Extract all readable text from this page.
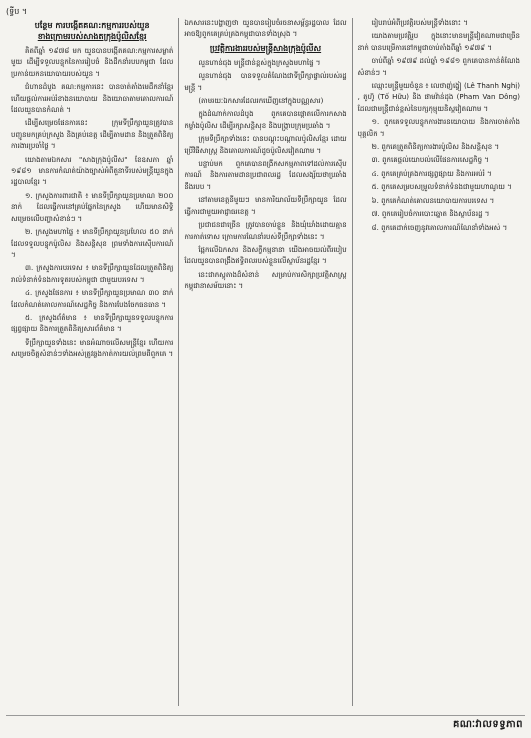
(ទ្វីប ។
បន្ថែម ការបង្កើតគណ:កម្មការរបស់យួន
ខាងក្រោមរបស់សាងតក្រុងប៉ូលិសខ្មែរ

គិតពីឆ្នាំ ១៩៧៨ មក យួនបានបង្កើតគណ:កម្មការសម្ងាត់មួយ ដើម្បីទទួលបន្ទុកនៃការរៀបចំ និងដឹកនាំរបបកម្ពុជា ដែលប្រកាន់យកនយោបាយរបស់យួន ។

ជំហានដំបូង គណ:កម្មការនេះ បានចាត់តាំងមេដឹកនាំខ្មែរ ហើយផ្ដល់ការអប់រំខាងនយោបាយ និងយោធាតាមគោលការណ៍ដែលយួនបានកំណត់ ។

ដើម្បីសម្រេចផែនការនេះ ក្រុមទីប្រឹក្សាយួនត្រូវបានបញ្ជូនមកគ្រប់ក្រសួង និងគ្រប់ខេត្ត ដើម្បីតាមដាន និងត្រួតពិនិត្យការងារប្រចាំថ្ងៃ ។

យោងតាមឯកសារ "សាងក្រុងប៉ូលីស" ខែឧសភា ឆ្នាំ ១៩៨១ មានការកំណត់យ៉ាងច្បាស់អំពីតួនាទីរបស់មន្ត្រីយួនក្នុងរដ្ឋបាលខ្មែរ ។

១. ក្រសួងការពារជាតិ ៖ មានទីប្រឹក្សាយួនប្រមាណ ២០០ នាក់ ដែលធ្វើការនៅគ្រប់ផ្នែកនៃក្រសួង ហើយមានសិទ្ធិសម្រេចលើបញ្ហាសំខាន់ៗ ។

២. ក្រសួងមហាផ្ទៃ ៖ មានទីប្រឹក្សាយួនប្រហែល ៥០ នាក់ ដែលទទួលបន្ទុកប៉ូលិស និងសន្តិសុខ ព្រមទាំងការស៊ើបការណ៍ ។

៣. ក្រសួងការបរទេស ៖ មានទីប្រឹក្សាយួនដែលត្រួតពិនិត្យរាល់ទំនាក់ទំនងការទូតរបស់កម្ពុជា ជាមួយបរទេស ។

៤. ក្រសួងផែនការ ៖ មានទីប្រឹក្សាយួនប្រមាណ ៣០ នាក់ ដែលកំណត់គោលការណ៍សេដ្ឋកិច្ច និងការបែងចែកធនធាន ។

៥. ក្រសួងព័ត៌មាន ៖ មានទីប្រឹក្សាយួនទទួលបន្ទុកការផ្សព្វផ្សាយ និងការត្រួតពិនិត្យសារព័ត៌មាន ។

ទីប្រឹក្សាយួនទាំងនេះ មានអំណាចលើសមន្ត្រីខ្មែរ ហើយការសម្រេចចិត្តសំខាន់ៗទាំងអស់ត្រូវឆ្លងកាត់ការយល់ព្រមពីពួកគេ ។

ឯកសារនេះបង្ហាញថា យួនបានរៀបចំរចនាសម្ព័ន្ធរដ្ឋបាល ដែលអាចឱ្យពួកគេគ្រប់គ្រងកម្ពុជាបានទាំងស្រុង ។

ប្រវត្តិការងាររបស់មន្ត្រីសាងក្រុងប៉ូលីស

លួនហាន់ជុង មន្ត្រីជាន់ខ្ពស់ក្នុងក្រសួងមហាផ្ទៃ ។

លួនហាន់ជុង បានទទួលតំណែងជាទីប្រឹក្សាផ្ទាល់របស់រដ្ឋមន្ត្រី ។

(តាមរយៈឯកសារដែលរកឃើញនៅក្នុងបណ្ណសារ)

ក្នុងដំណាក់កាលដំបូង ពួកគេបានផ្ដោតលើការកសាងកម្លាំងប៉ូលិស ដើម្បីរក្សាសន្តិសុខ និងបង្ក្រាបក្រុមប្រឆាំង ។

ក្រុមទីប្រឹក្សាទាំងនេះ បានបណ្ដុះបណ្ដាលប៉ូលិសខ្មែរ ដោយប្រើវិធីសាស្ត្រ និងគោលការណ៍ដូចប៉ូលិសវៀតណាម ។

បន្ទាប់មក ពួកគេបានពង្រីកសកម្មភាពទៅដល់ការស៊ើបការណ៍ និងការតាមដានប្រជាពលរដ្ឋ ដែលសង្ស័យថាប្រឆាំងនឹងរបប ។

នៅតាមខេត្តនីមួយៗ មានការិយាល័យទីប្រឹក្សាយួន ដែលធ្វើការជាមួយអាជ្ញាធរខេត្ត ។

ប្រជាជនជាច្រើន ត្រូវបានចាប់ខ្លួន និងឃុំឃាំងដោយគ្មានការកាត់ទោស ក្រោមការណែនាំរបស់ទីប្រឹក្សាទាំងនេះ ។

ផ្អែកលើឯកសារ និងសក្ខីកម្មនានា យើងអាចយល់ពីរបៀបដែលយួនបានពង្រឹងឥទ្ធិពលរបស់ខ្លួនលើស្ថាប័នរដ្ឋខ្មែរ ។

នេះជាភស្តុតាងដ៏សំខាន់ សម្រាប់ការសិក្សាប្រវត្តិសាស្ត្រកម្ពុជានាសម័យនោះ ។

រៀបរាប់អំពីប្រវត្តិរបស់មន្ត្រីទាំងនោះ ។

យោងតាមប្រវត្តិរូប ក្នុងនោះមានមន្ត្រីវៀតណាមជាច្រើននាក់ បានបម្រើការនៅកម្ពុជាចាប់តាំងពីឆ្នាំ ១៩៧៩ ។

ចាប់ពីឆ្នាំ ១៩៧៩ ដល់ឆ្នាំ ១៩៨១ ពួកគេបានកាន់តំណែងសំខាន់ៗ ។

ឈ្មោះមន្ត្រីមួយចំនួន ៖ លេថាញ់ង្វៀ (Lê Thanh Nghị) , តូហ៊ូ (Tố Hữu) និង ផាមវ៉ាន់ដុង (Pham Van Dông) ដែលជាមន្ត្រីជាន់ខ្ពស់នៃបក្សកុម្មុយនិស្តវៀតណាម ។

១. ពួកគេទទួលបន្ទុកការងារនយោបាយ និងការចាត់តាំងបុគ្គលិក ។

២. ពួកគេត្រួតពិនិត្យការងារប៉ូលិស និងសន្តិសុខ ។

៣. ពួកគេផ្ដល់យោបល់លើផែនការសេដ្ឋកិច្ច ។

៤. ពួកគេគ្រប់គ្រងការផ្សព្វផ្សាយ និងការអប់រំ ។

៥. ពួកគេសម្របសម្រួលទំនាក់ទំនងជាមួយហាណូយ ។

៦. ពួកគេកំណត់គោលនយោបាយការបរទេស ។

៧. ពួកគេរៀបចំការបោះឆ្នោត និងស្ថាប័នរដ្ឋ ។

៨. ពួកគេដាក់ចេញនូវគោលការណ៍ណែនាំទាំងអស់ ។

គណៈវាលទទ្ធភាព
